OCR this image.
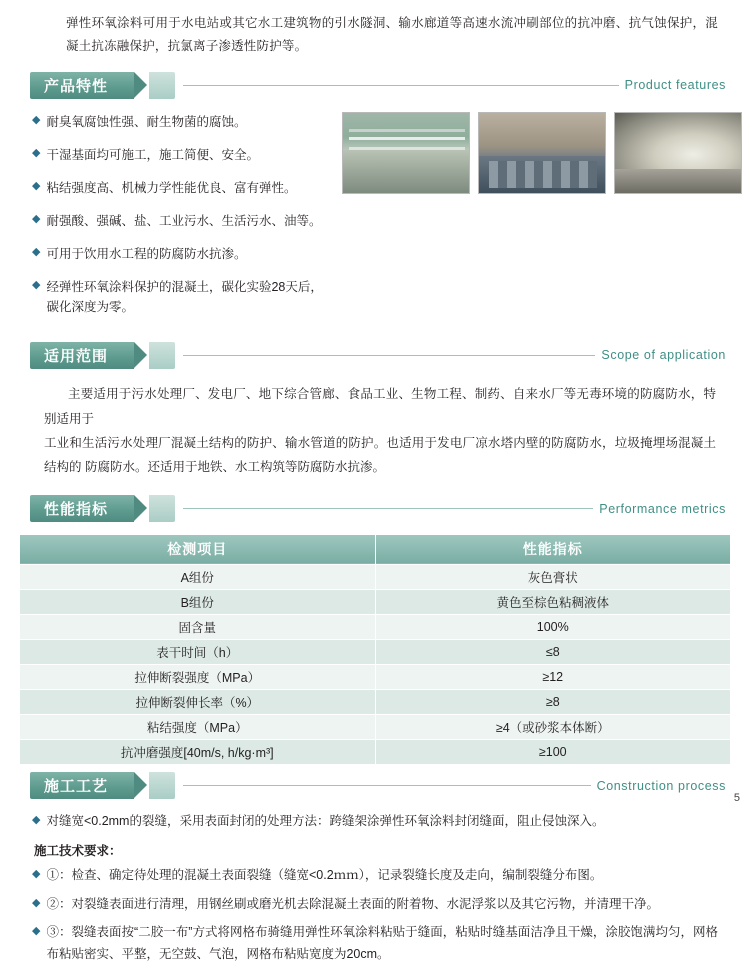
弹性环氧涂料可用于水电站或其它水工建筑物的引水隧洞、输水廊道等高速水流冲刷部位的抗冲磨、抗气蚀保护，混凝土抗冻融保护，抗氯离子渗透性防护等。
产品特性	Product features
◆ 耐臭氧腐蚀性强、耐生物菌的腐蚀。
◆ 干湿基面均可施工，施工简便、安全。
◆ 粘结强度高、机械力学性能优良、富有弹性。
◆ 耐强酸、强碱、盐、工业污水、生活污水、油等。
◆ 可用于饮用水工程的防腐防水抗渗。
◆ 经弹性环氧涂料保护的混凝土，碳化实验28天后，碳化深度为零。
适用范围	Scope of application
主要适用于污水处理厂、发电厂、地下综合管廊、食品工业、生物工程、制药、自来水厂等无毒环境的防腐防水，特别适用于
工业和生活污水处理厂混凝土结构的防护、输水管道的防护。也适用于发电厂凉水塔内壁的防腐防水，垃圾掩埋场混凝土结构的 防腐防水。还适用于地铁、水工构筑等防腐防水抗渗。
性能指标	Performance metrics
检测项目	性能指标
A组份	灰色膏状
B组份	黄色至棕色粘稠液体
固含量	100%
表干时间（h）	≤8
拉伸断裂强度（MPa）	≥12
拉伸断裂伸长率（%）	≥8
粘结强度（MPa）	≥4（或砂浆本体断）
抗冲磨强度[40m/s, h/kg·m³]	≥100
施工工艺	Construction process
◆ 对缝宽<0.2mm的裂缝，采用表面封闭的处理方法：跨缝架涂弹性环氧涂料封闭缝面，阻止侵蚀深入。
施工技术要求：
◆ ①：检查、确定待处理的混凝土表面裂缝（缝宽<0.2ｍｍ），记录裂缝长度及走向，编制裂缝分布图。
◆ ②：对裂缝表面进行清理，用钢丝刷或磨光机去除混凝土表面的附着物、水泥浮浆以及其它污物，并清理干净。
◆ ③：裂缝表面按“二胶一布”方式将网格布骑缝用弹性环氧涂料粘贴于缝面，粘贴时缝基面洁净且干燥，涂胶饱满均匀，网格布粘贴密实、平整，无空鼓、气泡，网格布粘贴宽度为20cm。
5
